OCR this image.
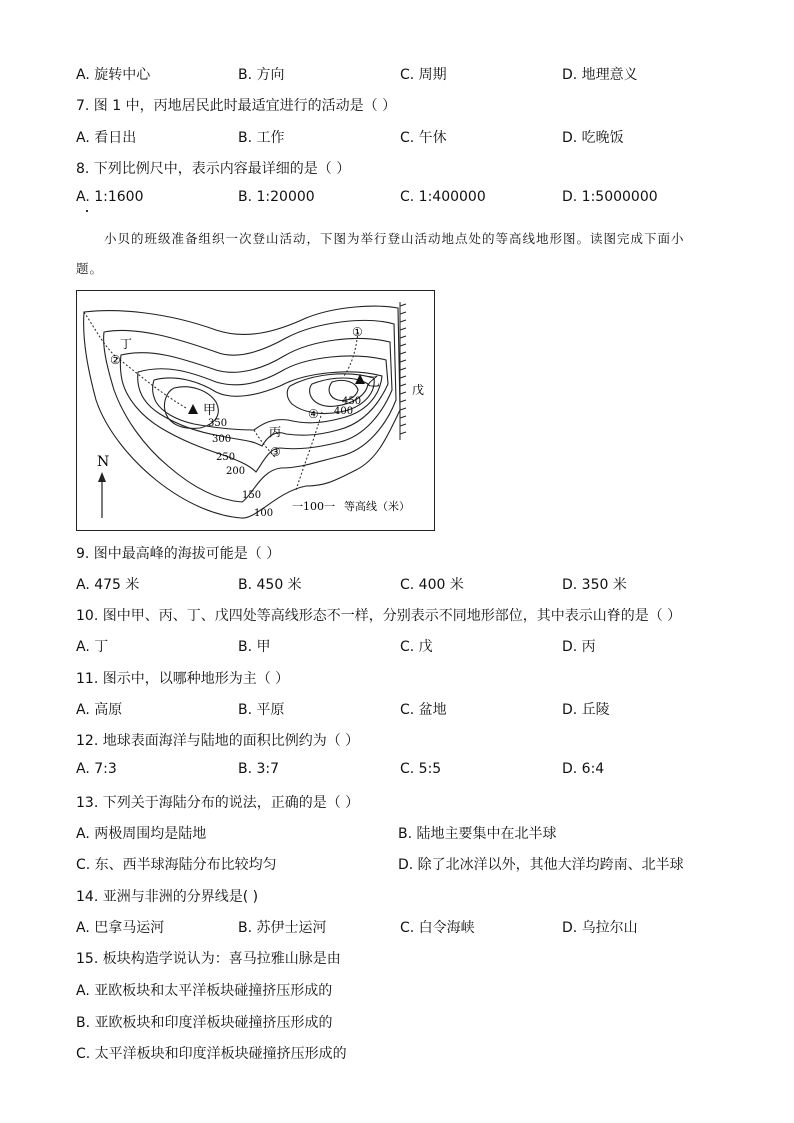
A. 旋转中心	B. 方向	C. 周期	D. 地理意义
7. 图 1 中，丙地居民此时最适宜进行的活动是（ ）
A. 看日出	B. 工作	C. 午休	D. 吃晚饭
8. 下列比例尺中，表示内容最详细的是（ ）
A. 1:1600	B. 1:20000	C. 1:400000	D. 1:5000000
小贝的班级准备组织一次登山活动，下图为举行登山活动地点处的等高线地形图。读图完成下面小
题。
甲
乙
丙
丁
戊
①
②
③
④
350
300
250
200
150
100
450
400
N
一100一 等高线（米）
9. 图中最高峰的海拔可能是（ ）
A. 475 米	B. 450 米	C. 400 米	D. 350 米
10. 图中甲、丙、丁、戊四处等高线形态不一样，分别表示不同地形部位，其中表示山脊的是（ ）
A. 丁	B. 甲	C. 戊	D. 丙
11. 图示中，以哪种地形为主（ ）
A. 高原	B. 平原	C. 盆地	D. 丘陵
12. 地球表面海洋与陆地的面积比例约为（ ）
A. 7:3	B. 3:7	C. 5:5	D. 6:4
13. 下列关于海陆分布的说法，正确的是（ ）
A. 两极周围均是陆地	B. 陆地主要集中在北半球
C. 东、西半球海陆分布比较均匀	D. 除了北冰洋以外，其他大洋均跨南、北半球
14. 亚洲与非洲的分界线是( )
A. 巴拿马运河	B. 苏伊士运河	C. 白令海峡	D. 乌拉尔山
15. 板块构造学说认为：喜马拉雅山脉是由
A. 亚欧板块和太平洋板块碰撞挤压形成的
B. 亚欧板块和印度洋板块碰撞挤压形成的
C. 太平洋板块和印度洋板块碰撞挤压形成的
